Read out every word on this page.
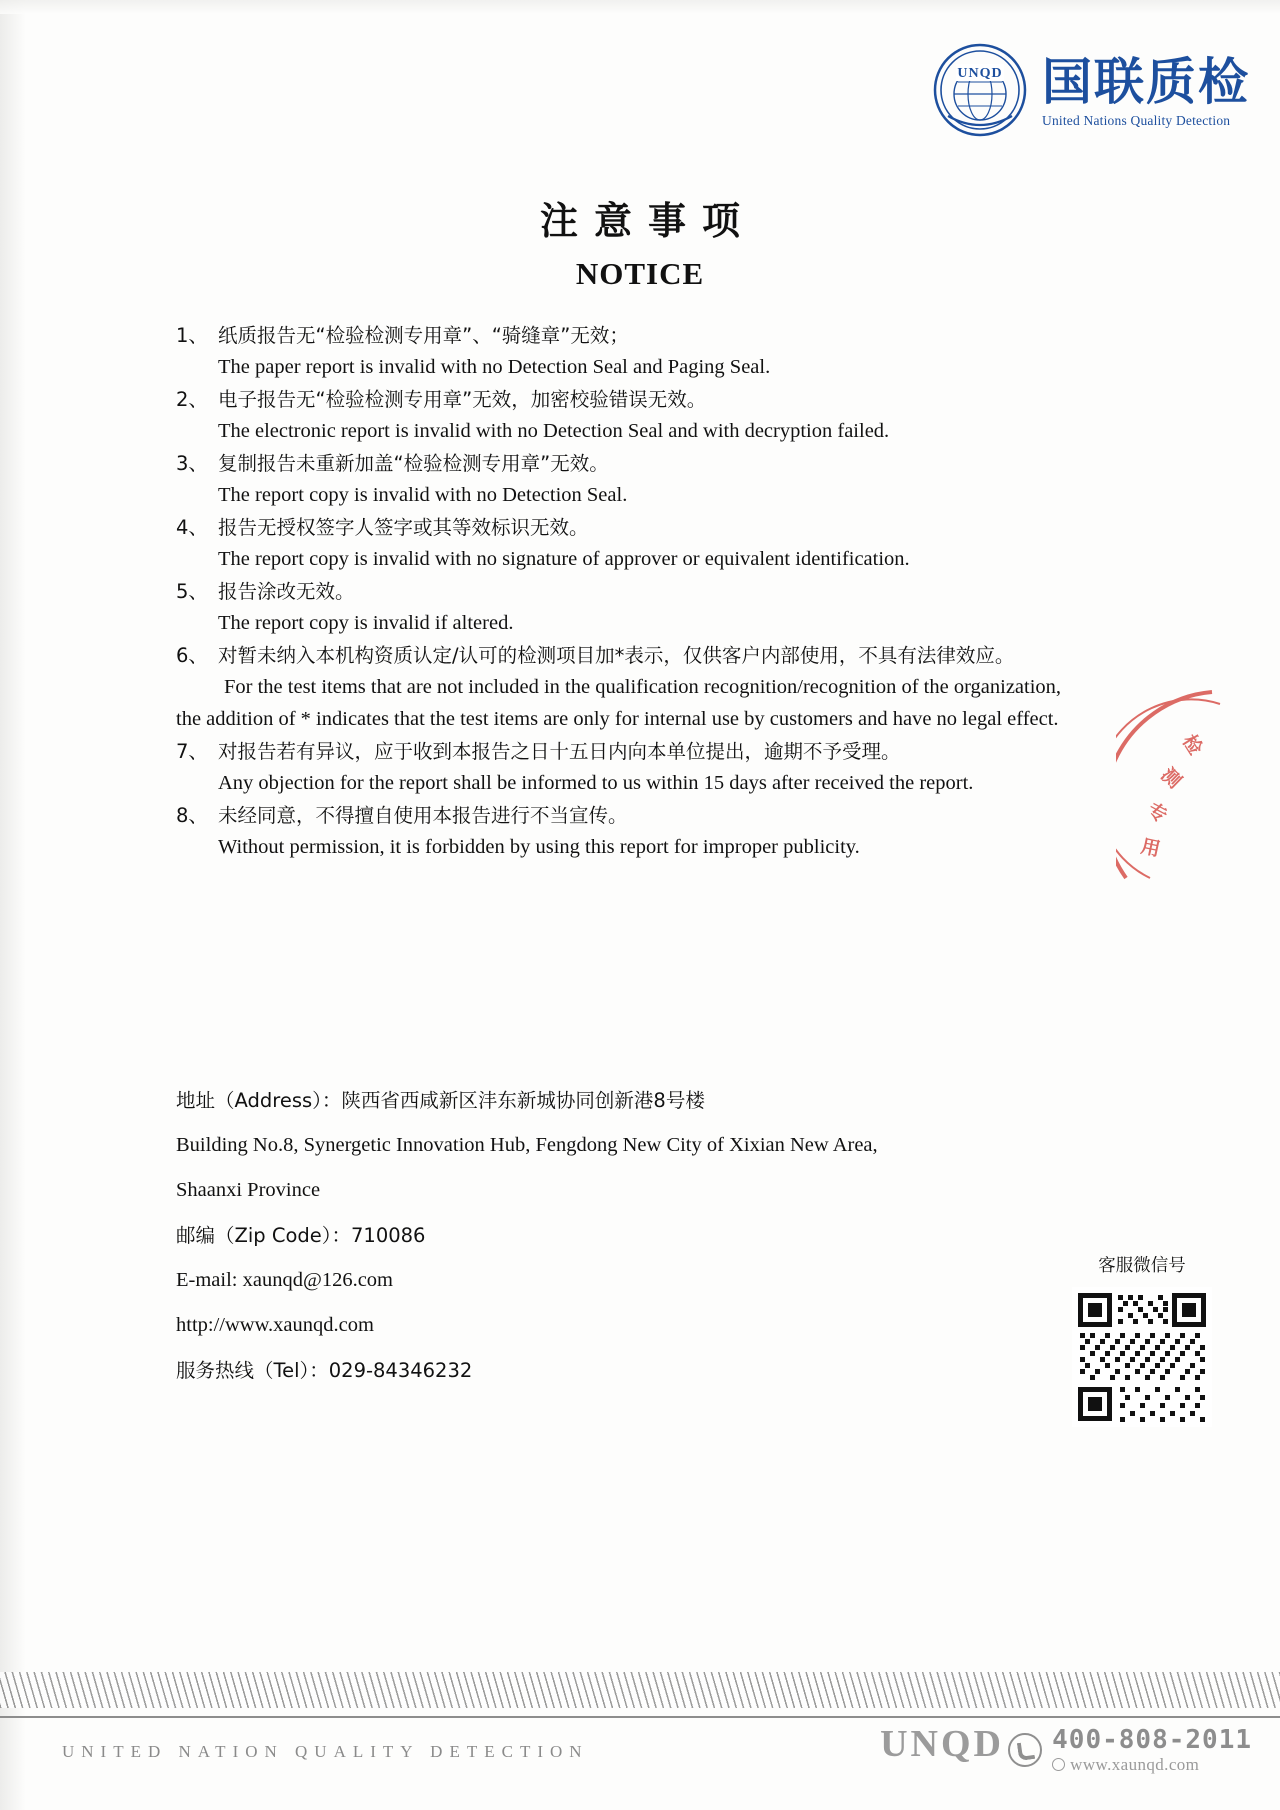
UNQD 国联质检
United Nations Quality Detection
注意事项
NOTICE
1、 纸质报告无“检验检测专用章”、“骑缝章”无效；
The paper report is invalid with no Detection Seal and Paging Seal.
2、 电子报告无“检验检测专用章”无效，加密校验错误无效。
The electronic report is invalid with no Detection Seal and with decryption failed.
3、 复制报告未重新加盖“检验检测专用章”无效。
The report copy is invalid with no Detection Seal.
4、 报告无授权签字人签字或其等效标识无效。
The report copy is invalid with no signature of approver or equivalent identification.
5、 报告涂改无效。
The report copy is invalid if altered.
6、 对暂未纳入本机构资质认定/认可的检测项目加*表示，仅供客户内部使用，不具有法律效应。
For the test items that are not included in the qualification recognition/recognition of the organization,
the addition of * indicates that the test items are only for internal use by customers and have no legal effect.
7、 对报告若有异议，应于收到本报告之日十五日内向本单位提出，逾期不予受理。
Any objection for the report shall be informed to us within 15 days after received the report.
8、 未经同意，不得擅自使用本报告进行不当宣传。
Without permission, it is forbidden by using this report for improper publicity.
检
测
专
用
地址（Address）：陕西省西咸新区沣东新城协同创新港8号楼
Building No.8, Synergetic Innovation Hub, Fengdong New City of Xixian New Area,
Shaanxi Province
邮编（Zip Code）：710086
E-mail: xaunqd@126.com
http://www.xaunqd.com
服务热线（Tel）：029-84346232
客服微信号
UNITED NATION QUALITY DETECTION	UNQD 400-808-2011
www.xaunqd.com
